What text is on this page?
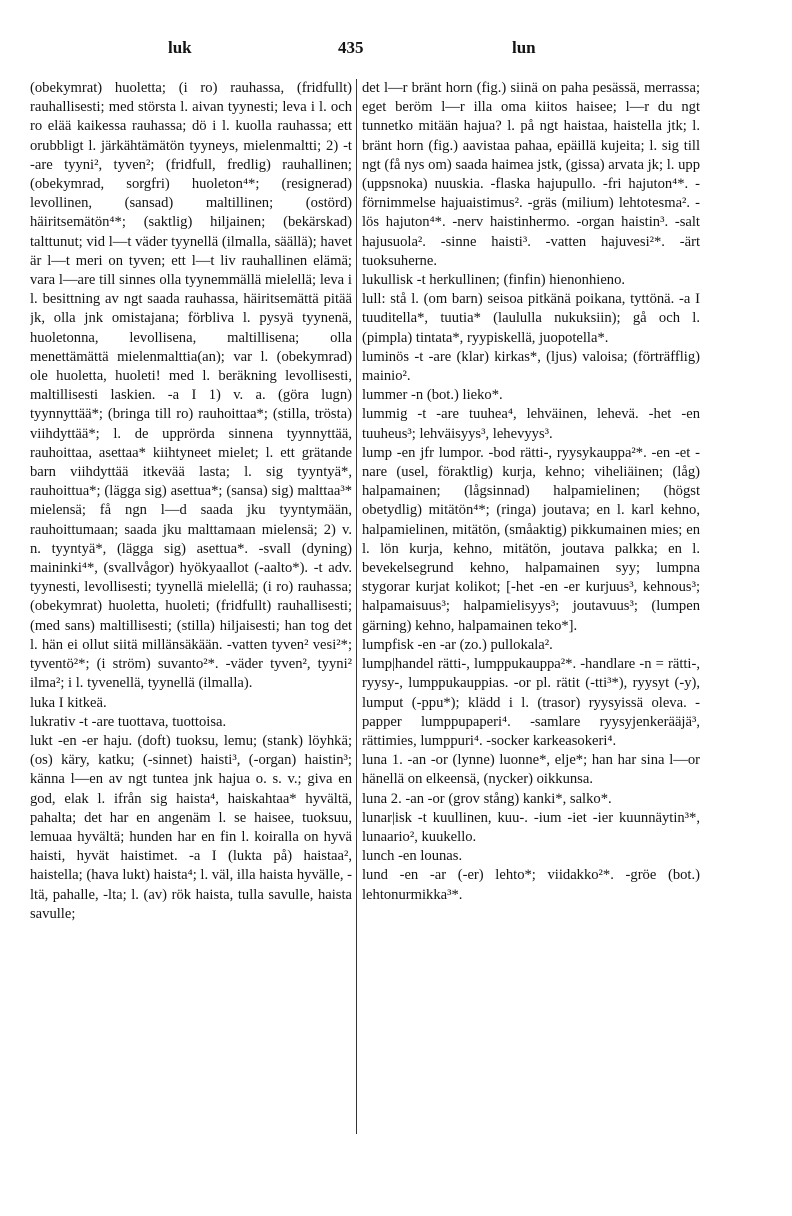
luk	435	lun

(obekymrat) huoletta; (i ro) rauhassa, (fridfullt) rauhallisesti; med största l. aivan tyynesti; leva i l. och ro elää kaikessa rauhassa; dö i l. kuolla rauhassa; ett orubbligt l. järkähtämätön tyyneys, mielenmaltti; 2) -t -are tyyni², tyven²; (fridfull, fredlig) rauhallinen; (obekymrad, sorgfri) huoleton⁴*; (resignerad) levollinen, (sansad) maltillinen; (ostörd) häiritsemätön⁴*; (saktlig) hiljainen; (bekärskad) talttunut; vid l—t väder tyynellä (ilmalla, säällä); havet är l—t meri on tyven; ett l—t liv rauhallinen elämä; vara l—are till sinnes olla tyynemmällä mielellä; leva i l. besittning av ngt saada rauhassa, häiritsemättä pitää jk, olla jnk omistajana; förbliva l. pysyä tyynenä, huoletonna, levollisena, maltillisena; olla menettämättä mielenmalttia(an); var l. (obekymrad) ole huoletta, huoleti! med l. beräkning levollisesti, maltillisesti laskien. -a I 1) v. a. (göra lugn) tyynnyttää*; (bringa till ro) rauhoittaa*; (stilla, trösta) viihdyttää*; l. de upprörda sinnena tyynnyttää, rauhoittaa, asettaa* kiihtyneet mielet; l. ett grätande barn viihdyttää itkevää lasta; l. sig tyyntyä*, rauhoittua*; (lägga sig) asettua*; (sansa) sig) malttaa³* mielensä; få ngn l—d saada jku tyyntymään, rauhoittumaan; saada jku malttamaan mielensä; 2) v. n. tyyntyä*, (lägga sig) asettua*. -svall (dyning) maininki⁴*, (svallvågor) hyökyaallot (-aalto*). -t adv. tyynesti, levollisesti; tyynellä mielellä; (i ro) rauhassa; (obekymrat) huoletta, huoleti; (fridfullt) rauhallisesti; (med sans) maltillisesti; (stilla) hiljaisesti; han tog det l. hän ei ollut siitä millänsäkään. -vatten tyven² vesi²*; tyventö²*; (i ström) suvanto²*. -väder tyven², tyyni² ilma²; i l. tyvenellä, tyynellä (ilmalla).

luka I kitkeä.

lukrativ -t -are tuottava, tuottoisa.

lukt -en -er haju. (doft) tuoksu, lemu; (stank) löyhkä; (os) käry, katku; (-sinnet) haisti³, (-organ) haistin³; känna l—en av ngt tuntea jnk hajua o. s. v.; giva en god, elak l. ifrån sig haista⁴, haiskahtaa* hyvältä, pahalta; det har en angenäm l. se haisee, tuoksuu, lemuaa hyvältä; hunden har en fin l. koiralla on hyvä haisti, hyvät haistimet. -a I (lukta på) haistaa², haistella; (hava lukt) haista⁴; l. väl, illa haista hyvälle, -ltä, pahalle, -lta; l. (av) rök haista, tulla savulle, haista savulle;

det l—r bränt horn (fig.) siinä on paha pesässä, merrassa; eget beröm l—r illa oma kiitos haisee; l—r du ngt tunnetko mitään hajua? l. på ngt haistaa, haistella jtk; l. bränt horn (fig.) aavistaa pahaa, epäillä kujeita; l. sig till ngt (få nys om) saada haimea jstk, (gissa) arvata jk; l. upp (uppsnoka) nuuskia. -flaska hajupullo. -fri hajuton⁴*. -förnimmelse hajuaistimus². -gräs (milium) lehtotesma². -lös hajuton⁴*. -nerv haistinhermo. -organ haistin³. -salt hajusuola². -sinne haisti³. -vatten hajuvesi²*. -ärt tuoksuherne.

lukullisk -t herkullinen; (finfin) hienonhieno.

lull: stå l. (om barn) seisoa pitkänä poikana, tyttönä. -a I tuuditella*, tuutia* (laululla nukuksiin); gå och l. (pimpla) tintata*, ryypiskellä, juopotella*.

luminös -t -are (klar) kirkas*, (ljus) valoisa; (förträfflig) mainio².

lummer -n (bot.) lieko*.

lummig -t -are tuuhea⁴, lehväinen, lehevä. -het -en tuuheus³; lehväisyys³, lehevyys³.

lump -en jfr lumpor. -bod rätti-, ryysykauppa²*. -en -et -nare (usel, föraktlig) kurja, kehno; viheliäinen; (låg) halpamainen; (lågsinnad) halpamielinen; (högst obetydlig) mitätön⁴*; (ringa) joutava; en l. karl kehno, halpamielinen, mitätön, (småaktig) pikkumainen mies; en l. lön kurja, kehno, mitätön, joutava palkka; en l. bevekelsegrund kehno, halpamainen syy; lumpna stygorar kurjat kolikot; [-het -en -er kurjuus³, kehnous³; halpamaisuus³; halpamielisyys³; joutavuus³; (lumpen gärning) kehno, halpamainen teko*].

lumpfisk -en -ar (zo.) pullokala².

lump|handel rätti-, lumppukauppa²*. -handlare -n = rätti-, ryysy-, lumppukauppias. -or pl. rätit (-tti³*), ryysyt (-y), lumput (-ppu*); klädd i l. (trasor) ryysyissä oleva. -papper lumppupaperi⁴. -samlare ryysyjenkerääjä³, rättimies, lumppuri⁴. -socker karkeasokeri⁴.

luna 1. -an -or (lynne) luonne*, elje*; han har sina l—or hänellä on elkeensä, (nycker) oikkunsa.

luna 2. -an -or (grov stång) kanki*, salko*.

lunar|isk -t kuullinen, kuu-. -ium -iet -ier kuunnäytin³*, lunaario², kuukello.

lunch -en lounas.

lund -en -ar (-er) lehto*; viidakko²*. -gröe (bot.) lehtonurmikka³*.
